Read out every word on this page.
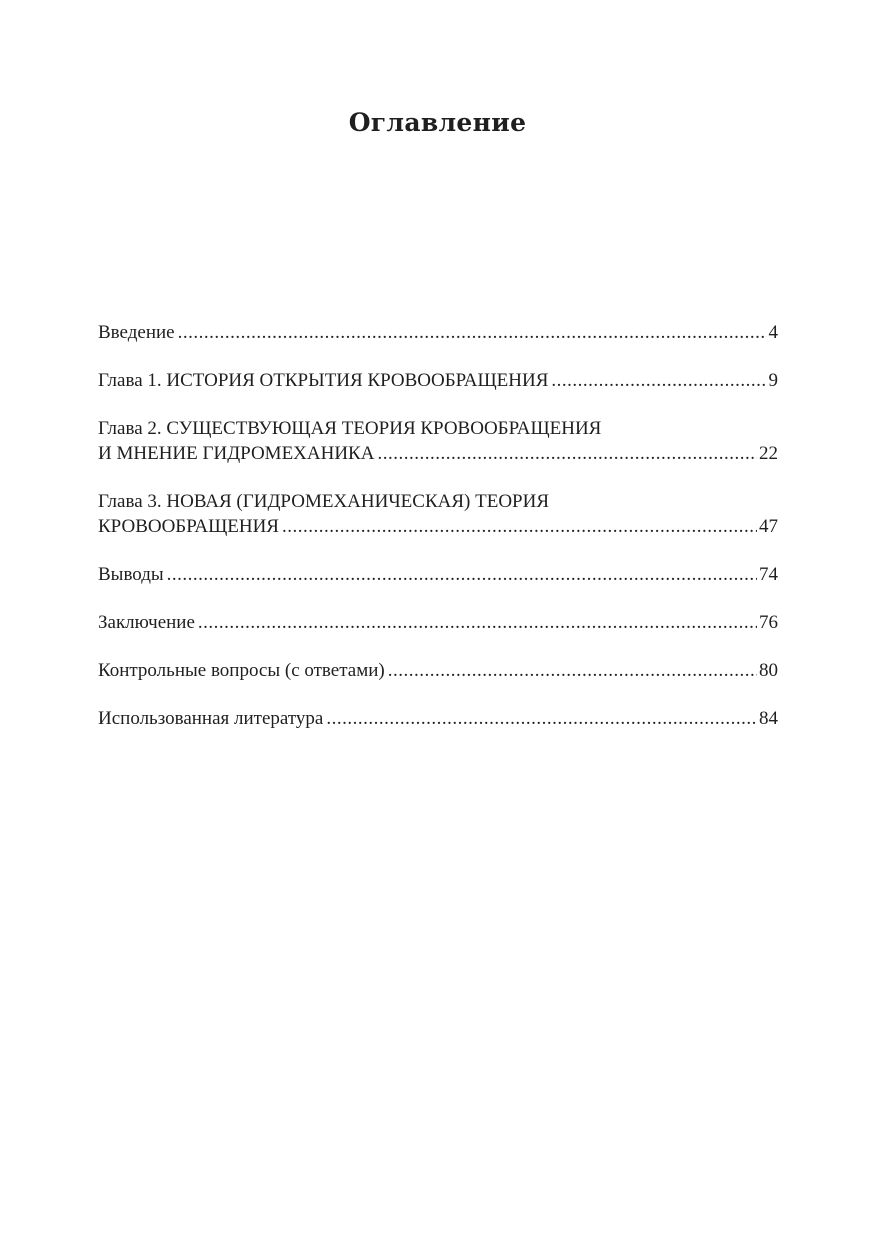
Оглавление
Введение .....	4
Глава 1. ИСТОРИЯ ОТКРЫТИЯ КРОВООБРАЩЕНИЯ .....	9
Глава 2. СУЩЕСТВУЮЩАЯ ТЕОРИЯ КРОВООБРАЩЕНИЯ
И МНЕНИЕ ГИДРОМЕХАНИКА .....	22
Глава 3. НОВАЯ (ГИДРОМЕХАНИЧЕСКАЯ) ТЕОРИЯ
КРОВООБРАЩЕНИЯ .....	47
Выводы .....	74
Заключение .....	76
Контрольные вопросы (с ответами) .....	80
Использованная литература .....	84
